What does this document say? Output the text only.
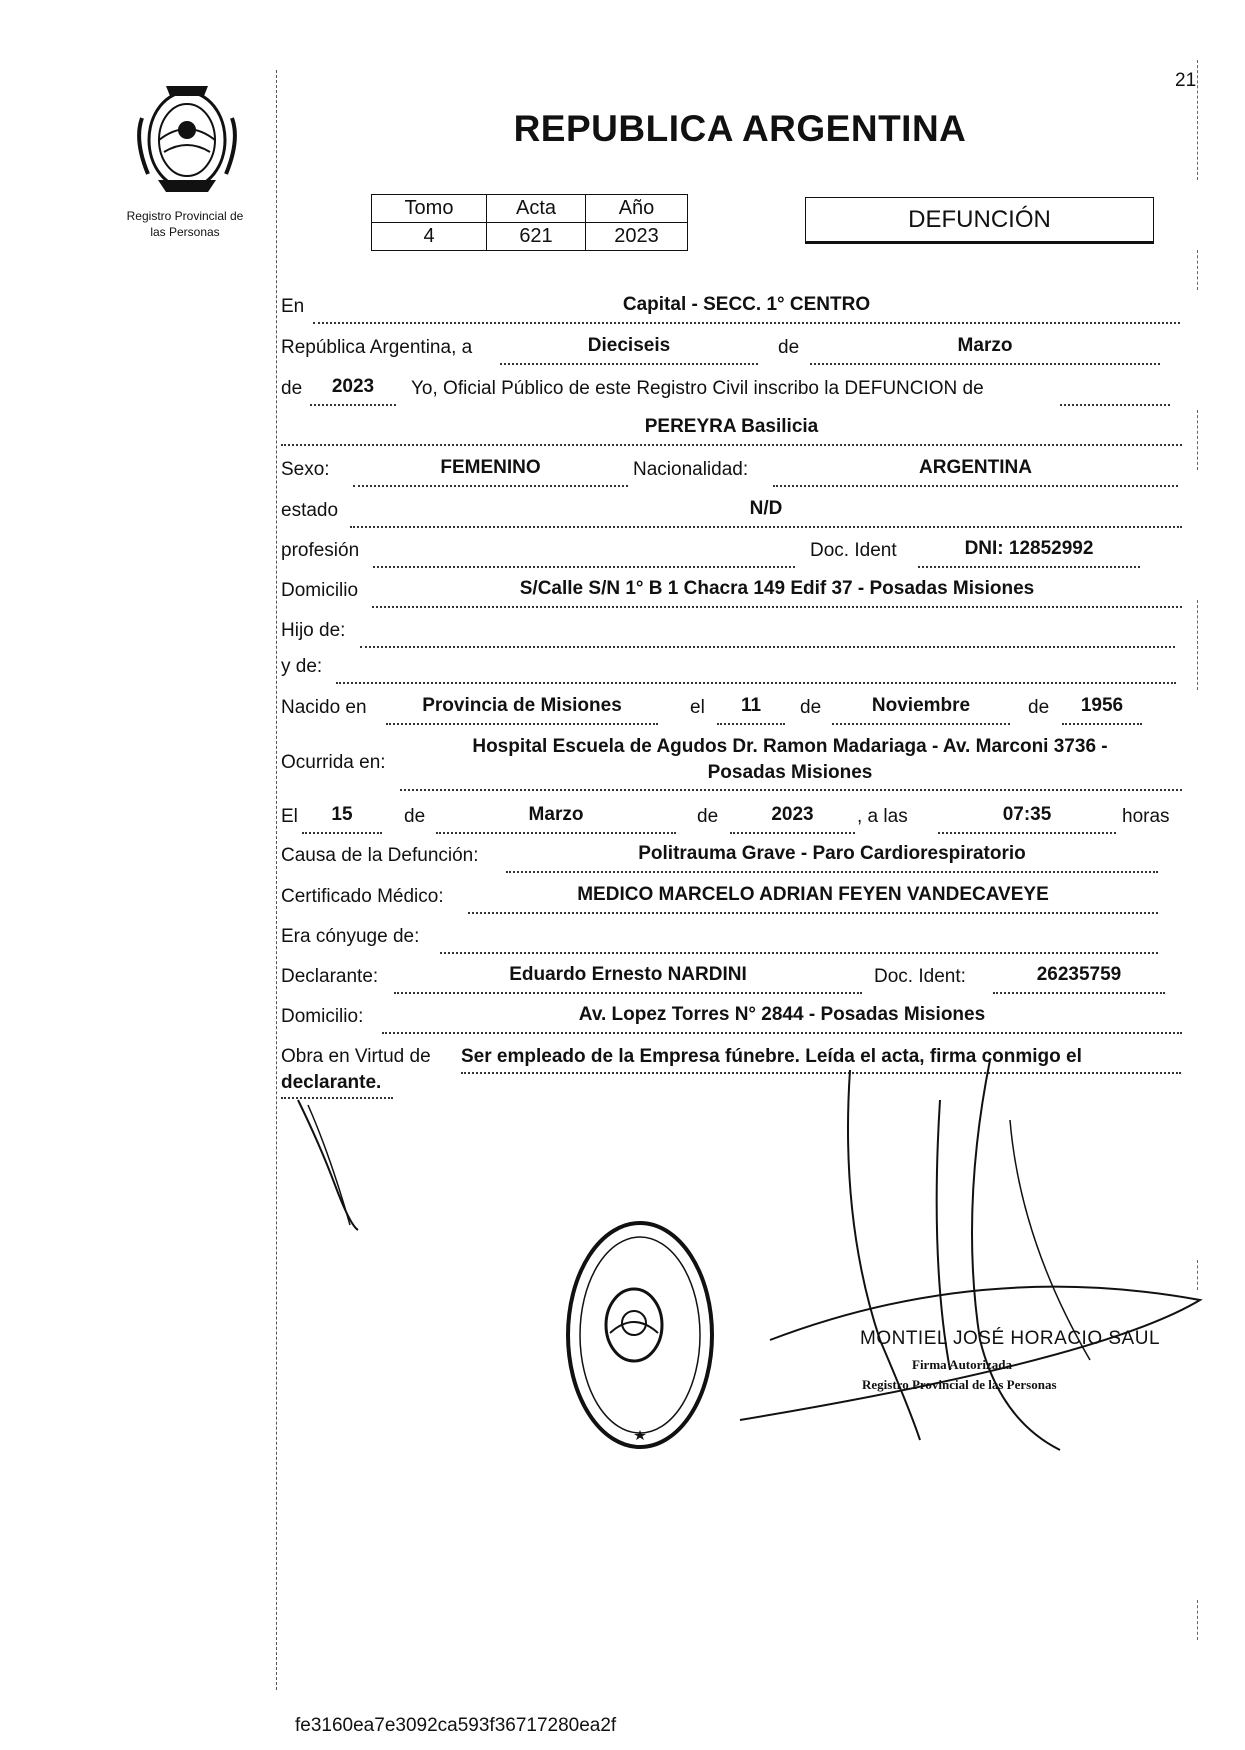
21
Registro Provincial de
las Personas
REPUBLICA ARGENTINA
Tomo	Acta	Año
4	621	2023
DEFUNCIÓN
En	Capital - SECC. 1° CENTRO
República Argentina, a	Dieciseis	de	Marzo
de	2023	Yo, Oficial Público de este Registro Civil inscribo la DEFUNCION de
PEREYRA Basilicia
Sexo:	FEMENINO	Nacionalidad:	ARGENTINA
estado	N/D
profesión	Doc. Ident	DNI: 12852992
Domicilio	S/Calle S/N 1° B 1 Chacra 149 Edif 37 - Posadas Misiones
Hijo de:
y de:
Nacido en	Provincia de Misiones	el	11	de	Noviembre	de	1956
Ocurrida en:
Hospital Escuela de Agudos Dr. Ramon Madariaga - Av. Marconi 3736 -
Posadas Misiones
El	15	de	Marzo	de	2023	, a las	07:35	horas
Causa de la Defunción:	Politrauma Grave - Paro Cardiorespiratorio
Certificado Médico:	MEDICO MARCELO ADRIAN FEYEN VANDECAVEYE
Era cónyuge de:
Declarante:	Eduardo Ernesto NARDINI	Doc. Ident:	26235759
Domicilio:	Av. Lopez Torres N° 2844 - Posadas Misiones
Obra en Virtud de Ser empleado de la Empresa fúnebre. Leída el acta, firma conmigo el
declarante.
MONTIEL JOSÉ HORACIO SAUL
Firma Autorizada
Registro Provincial de las Personas
fe3160ea7e3092ca593f36717280ea2f
